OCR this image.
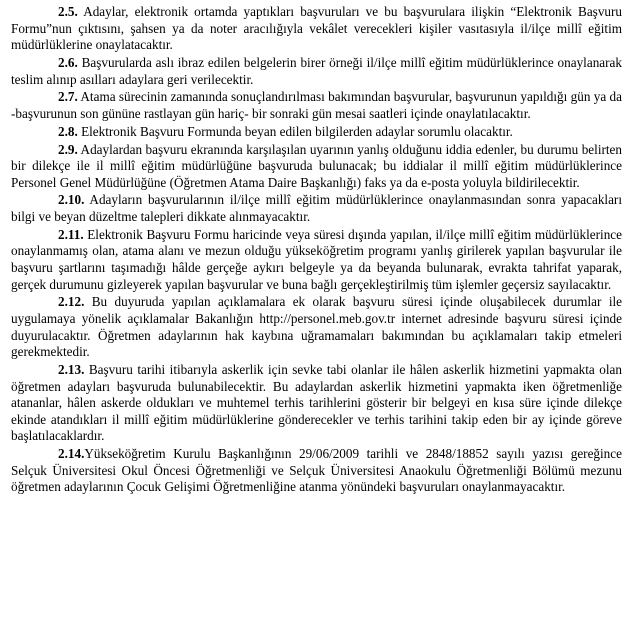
2.5. Adaylar, elektronik ortamda yaptıkları başvuruları ve bu başvurulara ilişkin “Elektronik Başvuru Formu”nun çıktısını, şahsen ya da noter aracılığıyla vekâlet verecekleri kişiler vasıtasıyla il/ilçe millî eğitim müdürlüklerine onaylatacaktır.

2.6. Başvurularda aslı ibraz edilen belgelerin birer örneği il/ilçe millî eğitim müdürlüklerince onaylanarak teslim alınıp asılları adaylara geri verilecektir.

2.7. Atama sürecinin zamanında sonuçlandırılması bakımından başvurular, başvurunun yapıldığı gün ya da -başvurunun son gününe rastlayan gün hariç- bir sonraki gün mesai saatleri içinde onaylatılacaktır.

2.8. Elektronik Başvuru Formunda beyan edilen bilgilerden adaylar sorumlu olacaktır.

2.9. Adaylardan başvuru ekranında karşılaşılan uyarının yanlış olduğunu iddia edenler, bu durumu belirten bir dilekçe ile il millî eğitim müdürlüğüne başvuruda bulunacak; bu iddialar il millî eğitim müdürlüklerince Personel Genel Müdürlüğüne (Öğretmen Atama Daire Başkanlığı) faks ya da e-posta yoluyla bildirilecektir.

2.10. Adayların başvurularının il/ilçe millî eğitim müdürlüklerince onaylanmasından sonra yapacakları bilgi ve beyan düzeltme talepleri dikkate alınmayacaktır.

2.11. Elektronik Başvuru Formu haricinde veya süresi dışında yapılan, il/ilçe millî eğitim müdürlüklerince onaylanmamış olan, atama alanı ve mezun olduğu yükseköğretim programı yanlış girilerek yapılan başvurular ile başvuru şartlarını taşımadığı hâlde gerçeğe aykırı belgeyle ya da beyanda bulunarak, evrakta tahrifat yaparak, gerçek durumunu gizleyerek yapılan başvurular ve buna bağlı gerçekleştirilmiş tüm işlemler geçersiz sayılacaktır.

2.12. Bu duyuruda yapılan açıklamalara ek olarak başvuru süresi içinde oluşabilecek durumlar ile uygulamaya yönelik açıklamalar Bakanlığın http://personel.meb.gov.tr internet adresinde başvuru süresi içinde duyurulacaktır. Öğretmen adaylarının hak kaybına uğramamaları bakımından bu açıklamaları takip etmeleri gerekmektedir.

2.13. Başvuru tarihi itibarıyla askerlik için sevke tabi olanlar ile hâlen askerlik hizmetini yapmakta olan öğretmen adayları başvuruda bulunabilecektir. Bu adaylardan askerlik hizmetini yapmakta iken öğretmenliğe atananlar, hâlen askerde oldukları ve muhtemel terhis tarihlerini gösterir bir belgeyi en kısa süre içinde dilekçe ekinde atandıkları il millî eğitim müdürlüklerine gönderecekler ve terhis tarihini takip eden bir ay içinde göreve başlatılacaklardır.

2.14.Yükseköğretim Kurulu Başkanlığının 29/06/2009 tarihli ve 2848/18852 sayılı yazısı gereğince Selçuk Üniversitesi Okul Öncesi Öğretmenliği ve Selçuk Üniversitesi Anaokulu Öğretmenliği Bölümü mezunu öğretmen adaylarının Çocuk Gelişimi Öğretmenliğine atanma yönündeki başvuruları onaylanmayacaktır.
